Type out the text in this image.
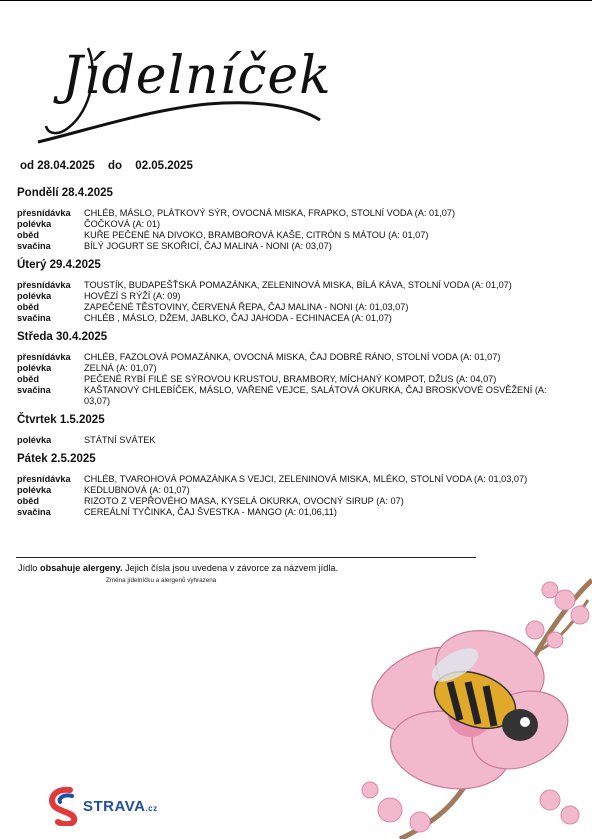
Jídelníček
od 28.04.2025 do 02.05.2025
Pondělí 28.4.2025
přesnídávka	CHLÉB, MÁSLO, PLÁTKOVÝ SÝR, OVOCNÁ MISKA, FRAPKO, STOLNÍ VODA (A: 01,07)
polévka	ČOČKOVÁ (A: 01)
oběd	KUŘE PEČENÉ NA DIVOKO, BRAMBOROVÁ KAŠE, CITRÓN S MÁTOU (A: 01,07)
svačina	BÍLÝ JOGURT SE SKOŘICÍ, ČAJ MALINA - NONI (A: 03,07)
Úterý 29.4.2025
přesnídávka	TOUSTÍK, BUDAPEŠŤSKÁ POMAZÁNKA, ZELENINOVÁ MISKA, BÍLÁ KÁVA, STOLNÍ VODA (A: 01,07)
polévka	HOVĚZÍ S RÝŽÍ (A: 09)
oběd	ZAPEČENÉ TĚSTOVINY, ČERVENÁ ŘEPA, ČAJ MALINA - NONI (A: 01,03,07)
svačina	CHLÉB , MÁSLO, DŽEM, JABLKO, ČAJ JAHODA - ECHINACEA (A: 01,07)
Středa 30.4.2025
přesnídávka	CHLÉB, FAZOLOVÁ POMAZÁNKA, OVOCNÁ MISKA, ČAJ DOBRÉ RÁNO, STOLNÍ VODA (A: 01,07)
polévka	ZELNÁ (A: 01,07)
oběd	PEČENÉ RYBÍ FILÉ SE SÝROVOU KRUSTOU, BRAMBORY, MÍCHANÝ KOMPOT, DŽUS (A: 04,07)
svačina	KAŠTANOVÝ CHLEBÍČEK, MÁSLO, VAŘENÉ VEJCE, SALÁTOVÁ OKURKA, ČAJ BROSKVOVÉ OSVĚŽENÍ (A: 03,07)
Čtvrtek 1.5.2025
polévka	STÁTNÍ SVÁTEK
Pátek 2.5.2025
přesnídávka	CHLÉB, TVAROHOVÁ POMAZÁNKA S VEJCI, ZELENINOVÁ MISKA, MLÉKO, STOLNÍ VODA (A: 01,03,07)
polévka	KEDLUBNOVÁ (A: 01,07)
oběd	RIZOTO Z VEPŘOVÉHO MASA, KYSELÁ OKURKA, OVOCNÝ SIRUP (A: 07)
svačina	CEREÁLNÍ TYČINKA, ČAJ ŠVESTKA - MANGO (A: 01,06,11)
Jídlo obsahuje alergeny. Jejich čísla jsou uvedena v závorce za názvem jídla.
Změna jídelníčku a alergenů vyhrazena
STRAVA.cz
